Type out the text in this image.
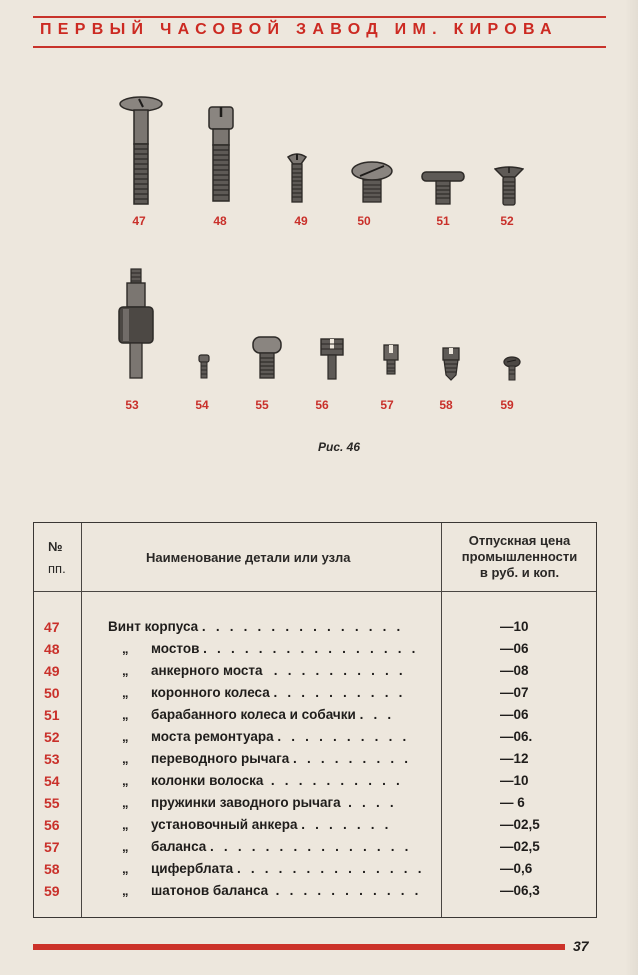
ПЕРВЫЙ ЧАСОВОЙ ЗАВОД ИМ. КИРОВА
47	48	49	50	51	52
53	54	55	56	57	58	59
Рис. 46
№
пп.
Наименование детали или узла
Отпускная цена
промышленности
в руб. и коп.
47	Винт корпуса . . . . . . . . . . . . . . .	—10
48	„ мостов . . . . . . . . . . . . . . . .	—06
49	„ анкерного моста . . . . . . . . . .	—08
50	„ коронного колеса . . . . . . . . . .	—07
51	„ барабанного колеса и собачки . . .	—06
52	„ моста ремонтуара . . . . . . . . . .	—06.
53	„ переводного рычага . . . . . . . . .	—12
54	„ колонки волоска . . . . . . . . . .	—10
55	„ пружинки заводного рычага . . . .	— 6
56	„ установочный анкера . . . . . . .	—02,5
57	„ баланса . . . . . . . . . . . . . . .	—02,5
58	„ циферблата . . . . . . . . . . . . . .	—0,6
59	„ шатонов баланса . . . . . . . . . . .	—06,3
37
